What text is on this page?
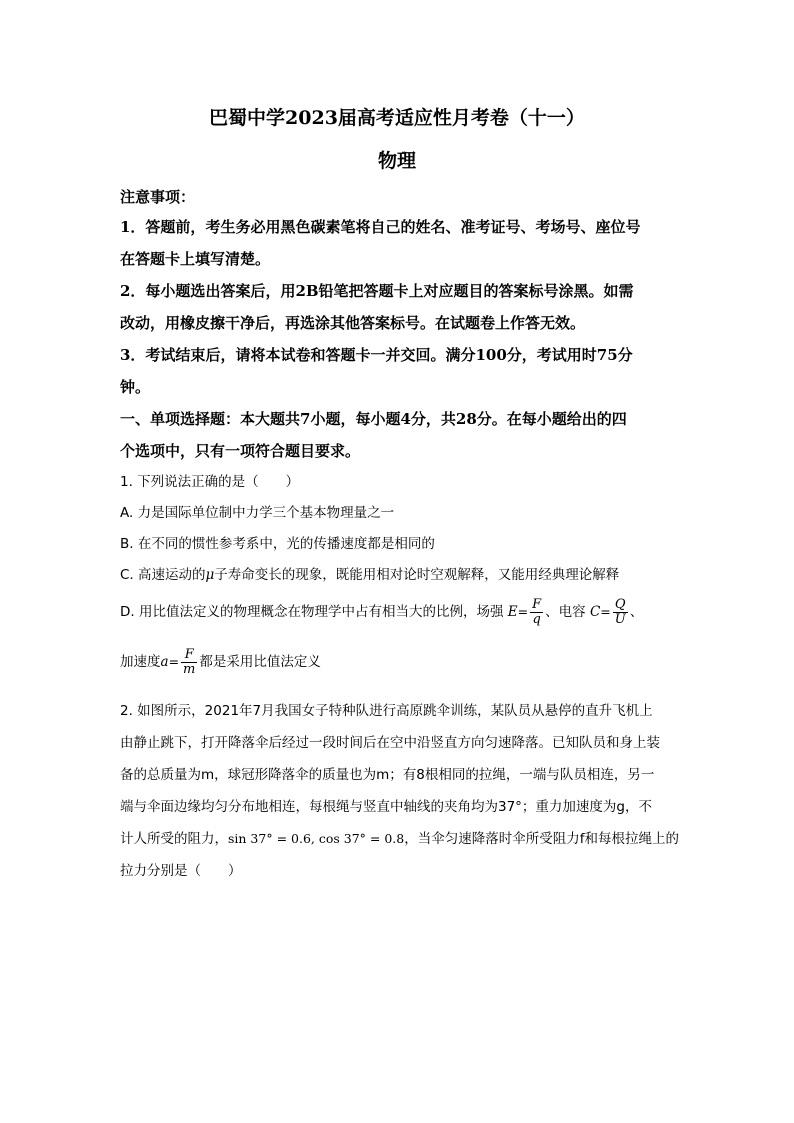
巴蜀中学2023届高考适应性月考卷（十一）
物理
注意事项：
1．答题前，考生务必用黑色碳素笔将自己的姓名、准考证号、考场号、座位号
在答题卡上填写清楚。
2．每小题选出答案后，用2B铅笔把答题卡上对应题目的答案标号涂黑。如需
改动，用橡皮擦干净后，再选涂其他答案标号。在试题卷上作答无效。
3．考试结束后，请将本试卷和答题卡一并交回。满分100分，考试用时75分
钟。
一、单项选择题：本大题共7小题，每小题4分，共28分。在每小题给出的四
个选项中，只有一项符合题目要求。
1. 下列说法正确的是（　　）
A. 力是国际单位制中力学三个基本物理量之一
B. 在不同的惯性参考系中，光的传播速度都是相同的
C. 高速运动的μ子寿命变长的现象，既能用相对论时空观解释，又能用经典理论解释
D. 用比值法定义的物理概念在物理学中占有相当大的比例，场强 $E= \frac{F}{q}$ 、电容 $C= \frac{Q}{U}$ 、
加速度$a= \frac{F}{m}$ 都是采用比值法定义
2. 如图所示，2021年7月我国女子特种队进行高原跳伞训练，某队员从悬停的直升飞机上
由静止跳下，打开降落伞后经过一段时间后在空中沿竖直方向匀速降落。已知队员和身上装
备的总质量为m，球冠形降落伞的质量也为m；有8根相同的拉绳，一端与队员相连，另一
端与伞面边缘均匀分布地相连，每根绳与竖直中轴线的夹角均为37°；重力加速度为g，不
计人所受的阻力，sin 37° = 0.6, cos 37° = 0.8，当伞匀速降落时伞所受阻力f和每根拉绳上的
拉力分别是（　　）
